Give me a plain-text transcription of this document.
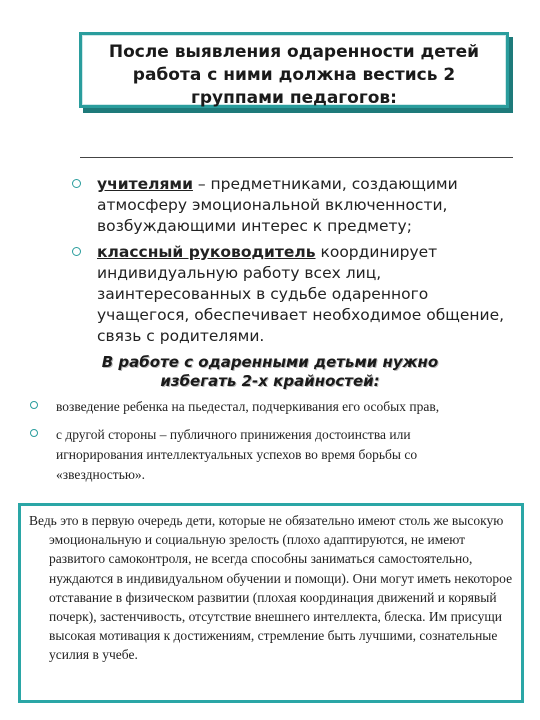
После выявления одаренности детей
работа с ними должна вестись 2
группами педагогов:
учителями – предметниками, создающими атмосферу эмоциональной включенности, возбуждающими интерес к предмету;
классный руководитель координирует индивидуальную работу всех лиц, заинтересованных в судьбе одаренного учащегося, обеспечивает необходимое общение, связь с родителями.
В работе с одаренными детьми нужно
избегать 2-х крайностей:
возведение ребенка на пьедестал, подчеркивания его особых прав,
с другой стороны – публичного принижения достоинства или игнорирования интеллектуальных успехов во время борьбы со «звездностью».
Ведь это в первую очередь дети, которые не обязательно имеют столь же высокую эмоциональную и социальную зрелость (плохо адаптируются, не имеют развитого самоконтроля, не всегда способны заниматься самостоятельно, нуждаются в индивидуальном обучении и помощи). Они могут иметь некоторое отставание в физическом развитии (плохая координация движений и корявый почерк), застенчивость, отсутствие внешнего интеллекта, блеска. Им присущи высокая мотивация к достижениям, стремление быть лучшими, сознательные усилия в учебе.
